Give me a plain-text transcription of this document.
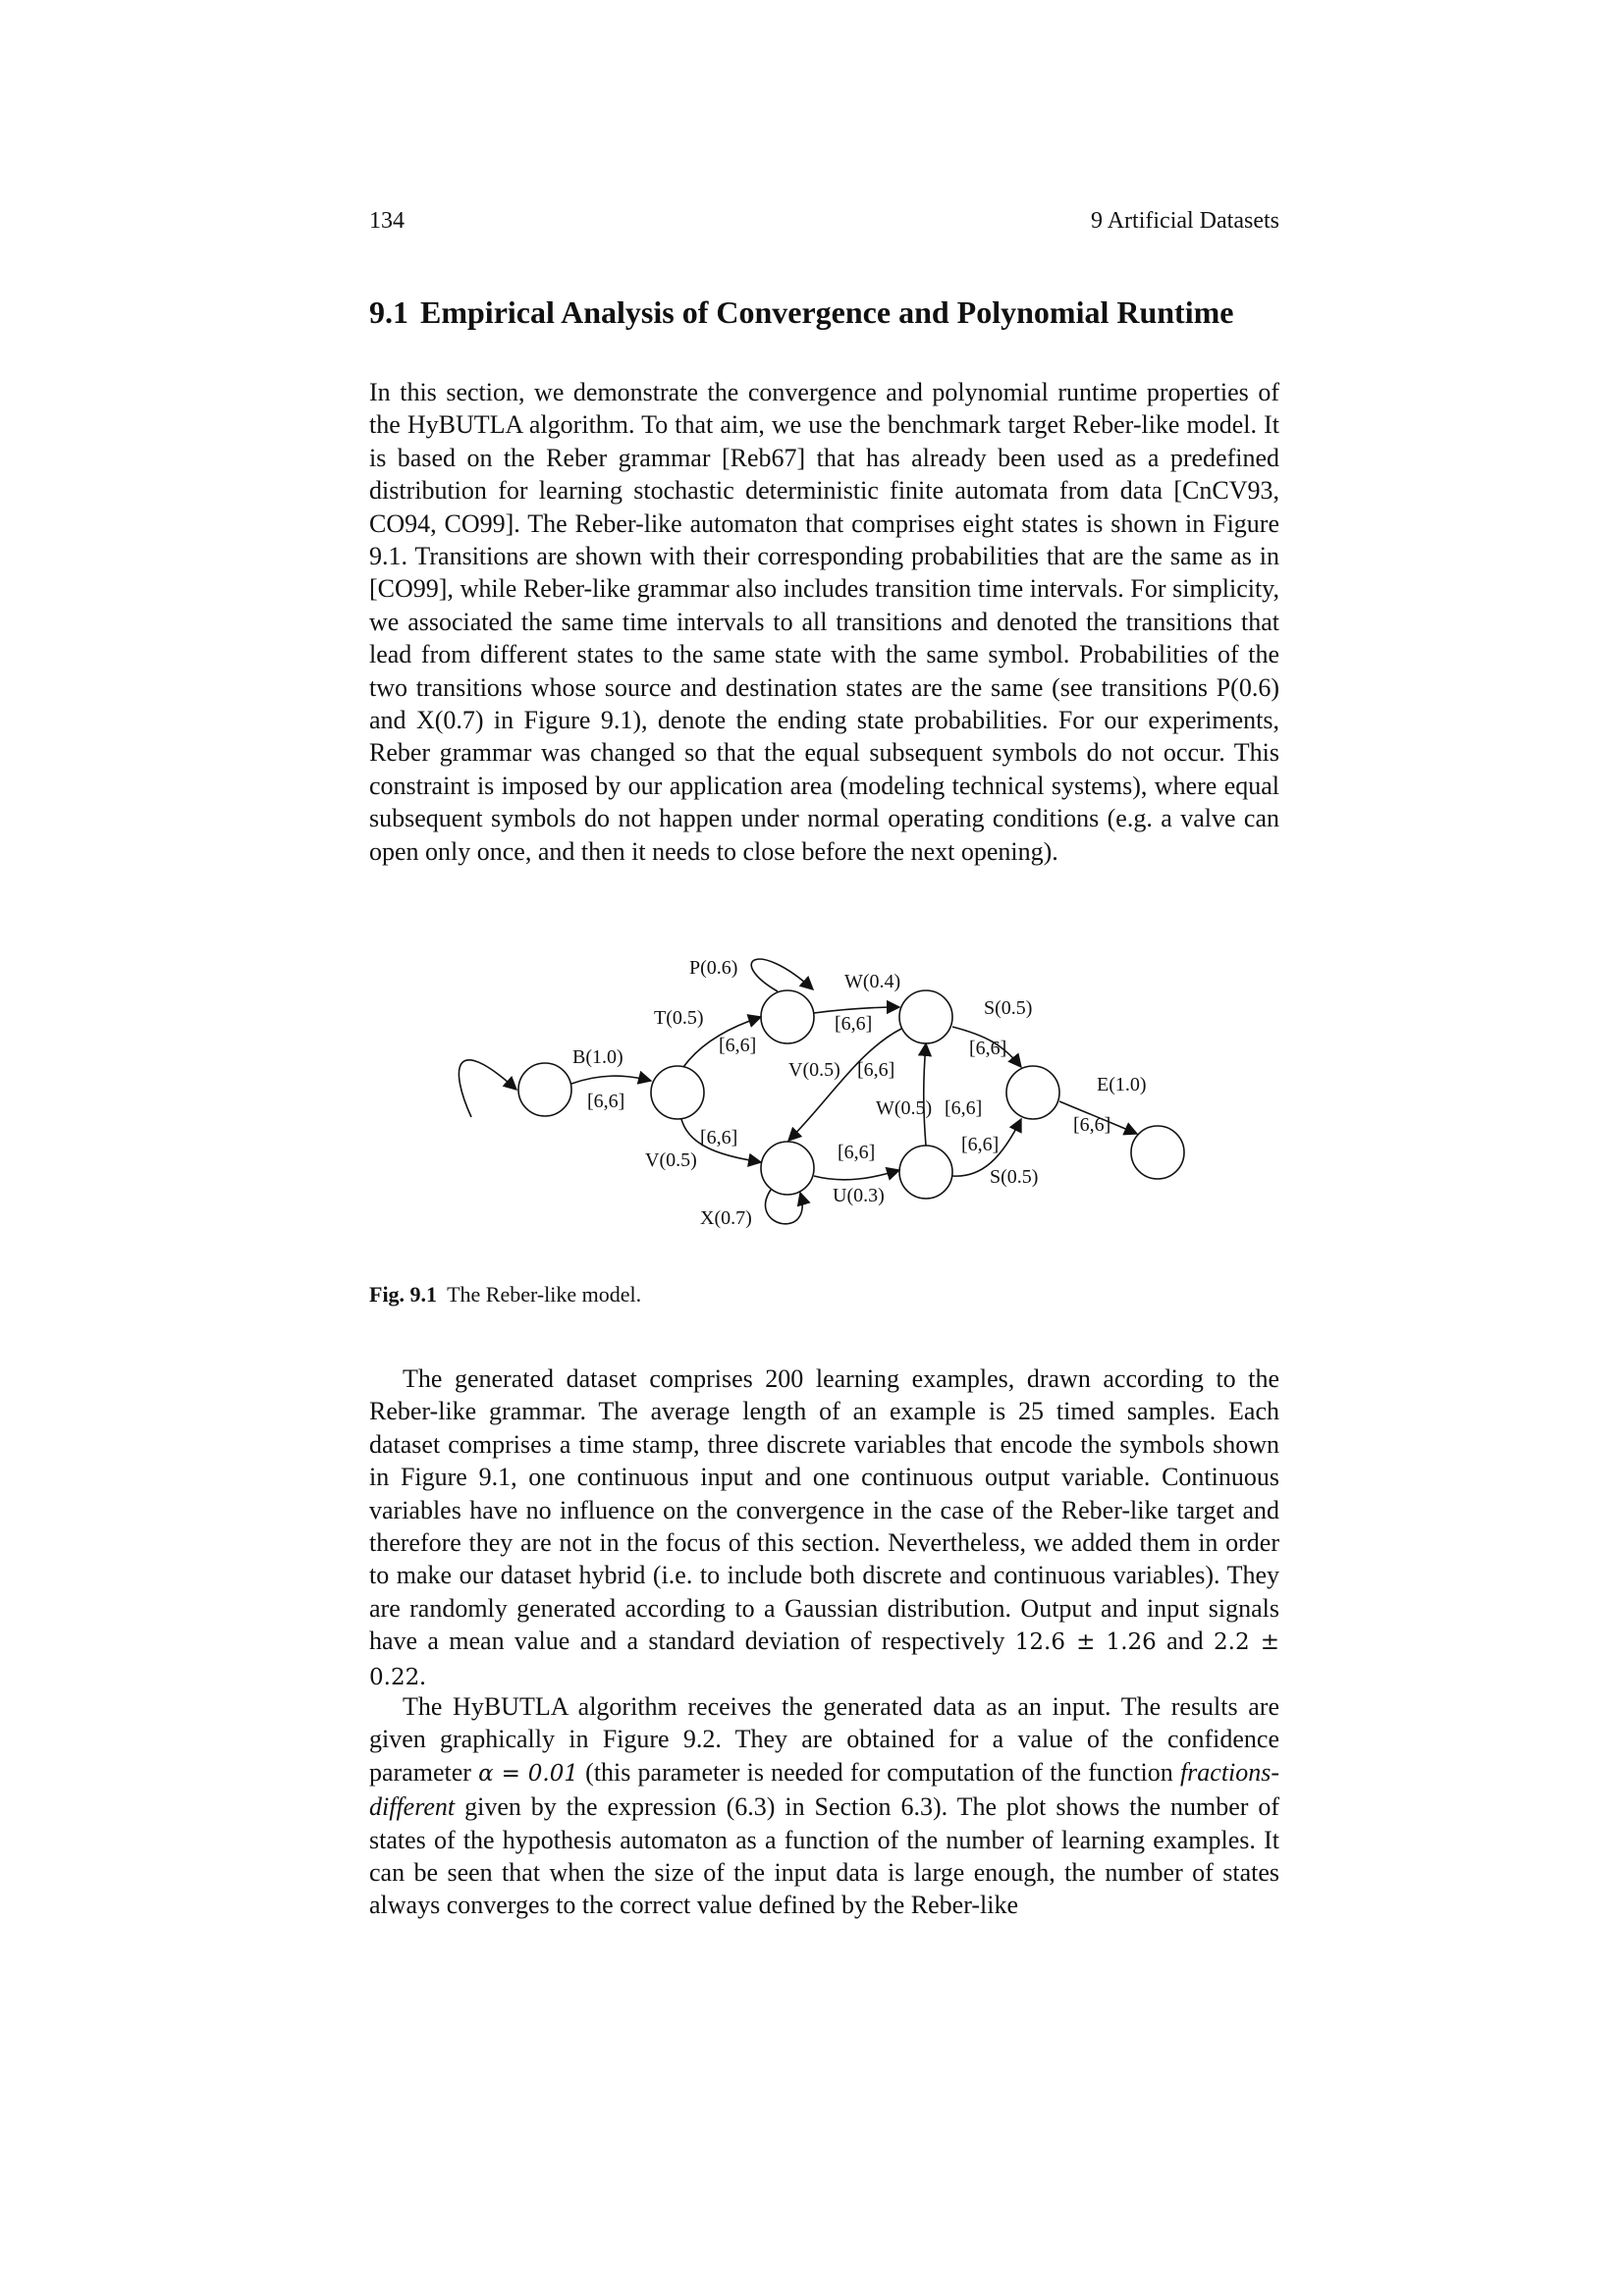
134	9 Artificial Datasets
9.1 Empirical Analysis of Convergence and Polynomial Runtime

In this section, we demonstrate the convergence and polynomial runtime properties of the HyBUTLA algorithm. To that aim, we use the benchmark target Reber-like model. It is based on the Reber grammar [Reb67] that has already been used as a predefined distribution for learning stochastic deterministic finite automata from data [CnCV93, CO94, CO99]. The Reber-like automaton that comprises eight states is shown in Figure 9.1. Transitions are shown with their corresponding probabilities that are the same as in [CO99], while Reber-like grammar also includes transition time intervals. For simplicity, we associated the same time intervals to all transitions and denoted the transitions that lead from different states to the same state with the same symbol. Probabilities of the two transitions whose source and destination states are the same (see transitions P(0.6) and X(0.7) in Figure 9.1), denote the ending state probabilities. For our experiments, Reber grammar was changed so that the equal subsequent symbols do not occur. This constraint is imposed by our application area (modeling technical systems), where equal subsequent symbols do not happen under normal operating conditions (e.g. a valve can open only once, and then it needs to close before the next opening).

P(0.6)
W(0.4)
T(0.5)	S(0.5)
B(1.0)
V(0.5)
E(1.0)
W(0.5)
V(0.5)
U(0.3)
S(0.5)
X(0.7)
[6,6]
[6,6]
[6,6]
[6,6]
[6,6]
[6,6]
[6,6]
[6,6]	[6,6]
[6,6]
Fig. 9.1 The Reber-like model.

The generated dataset comprises 200 learning examples, drawn according to the Reber-like grammar. The average length of an example is 25 timed samples. Each dataset comprises a time stamp, three discrete variables that encode the symbols shown in Figure 9.1, one continuous input and one continuous output variable. Continuous variables have no influence on the convergence in the case of the Reber-like target and therefore they are not in the focus of this section. Nevertheless, we added them in order to make our dataset hybrid (i.e. to include both discrete and continuous variables). They are randomly generated according to a Gaussian distribution. Output and input signals have a mean value and a standard deviation of respectively 12.6 ± 1.26 and 2.2 ± 0.22.

The HyBUTLA algorithm receives the generated data as an input. The results are given graphically in Figure 9.2. They are obtained for a value of the confidence parameter α = 0.01 (this parameter is needed for computation of the function fractions-different given by the expression (6.3) in Section 6.3). The plot shows the number of states of the hypothesis automaton as a function of the number of learning examples. It can be seen that when the size of the input data is large enough, the number of states always converges to the correct value defined by the Reber-like
